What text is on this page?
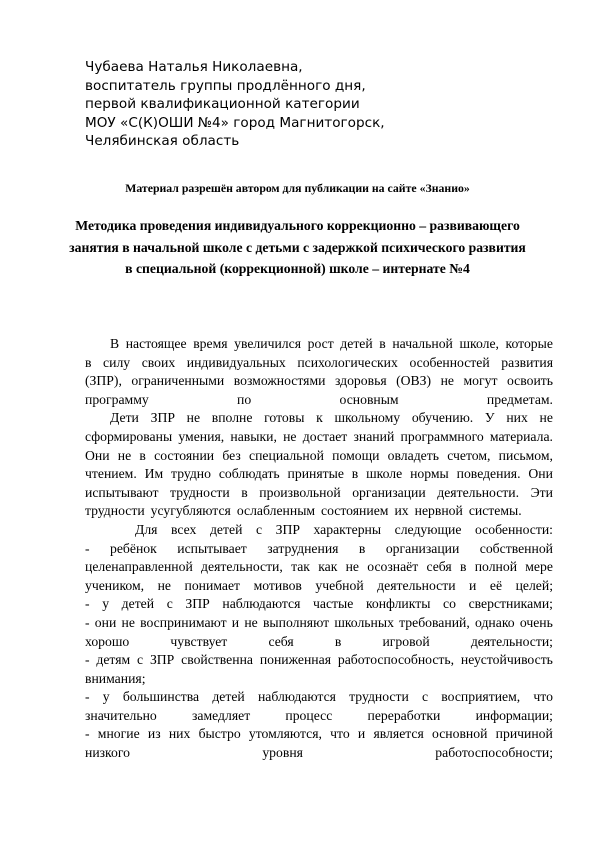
Чубаева Наталья Николаевна,
воспитатель группы продлённого дня,
первой квалификационной категории
МОУ «С(К)ОШИ №4» город Магнитогорск,
Челябинская область
Материал разрешён автором для публикации на сайте «Знанио»
Методика проведения индивидуального коррекционно – развивающего
занятия в начальной школе с детьми с задержкой психического развития
в специальной (коррекционной) школе – интернате №4
В настоящее время увеличился рост детей в начальной школе, которые
в силу своих индивидуальных психологических особенностей развития
(ЗПР), ограниченными возможностями здоровья (ОВЗ) не могут освоить
программу	по	основным	предметам.
Дети ЗПР не вполне готовы к школьному обучению. У них не
сформированы умения, навыки, не достает знаний программного материала.
Они не в состоянии без специальной помощи овладеть счетом, письмом,
чтением. Им трудно соблюдать принятые в школе нормы поведения. Они
испытывают трудности в произвольной организации деятельности. Эти
трудности усугубляются ослабленным состоянием их нервной системы.
Для всех детей с ЗПР характерны следующие особенности:
- ребёнок испытывает затруднения в организации собственной
целенаправленной деятельности, так как не осознаёт себя в полной мере
учеником, не понимает мотивов учебной деятельности и её целей;
- у детей с ЗПР наблюдаются частые конфликты со сверстниками;
- они не воспринимают и не выполняют школьных требований, однако очень
хорошо	чувствует	себя	в	игровой	деятельности;
- детям с ЗПР свойственна пониженная работоспособность, неустойчивость
внимания;
- у большинства детей наблюдаются трудности с восприятием, что
значительно	замедляет	процесс	переработки	информации;
- многие из них быстро утомляются, что и является основной причиной
низкого	уровня	работоспособности;
